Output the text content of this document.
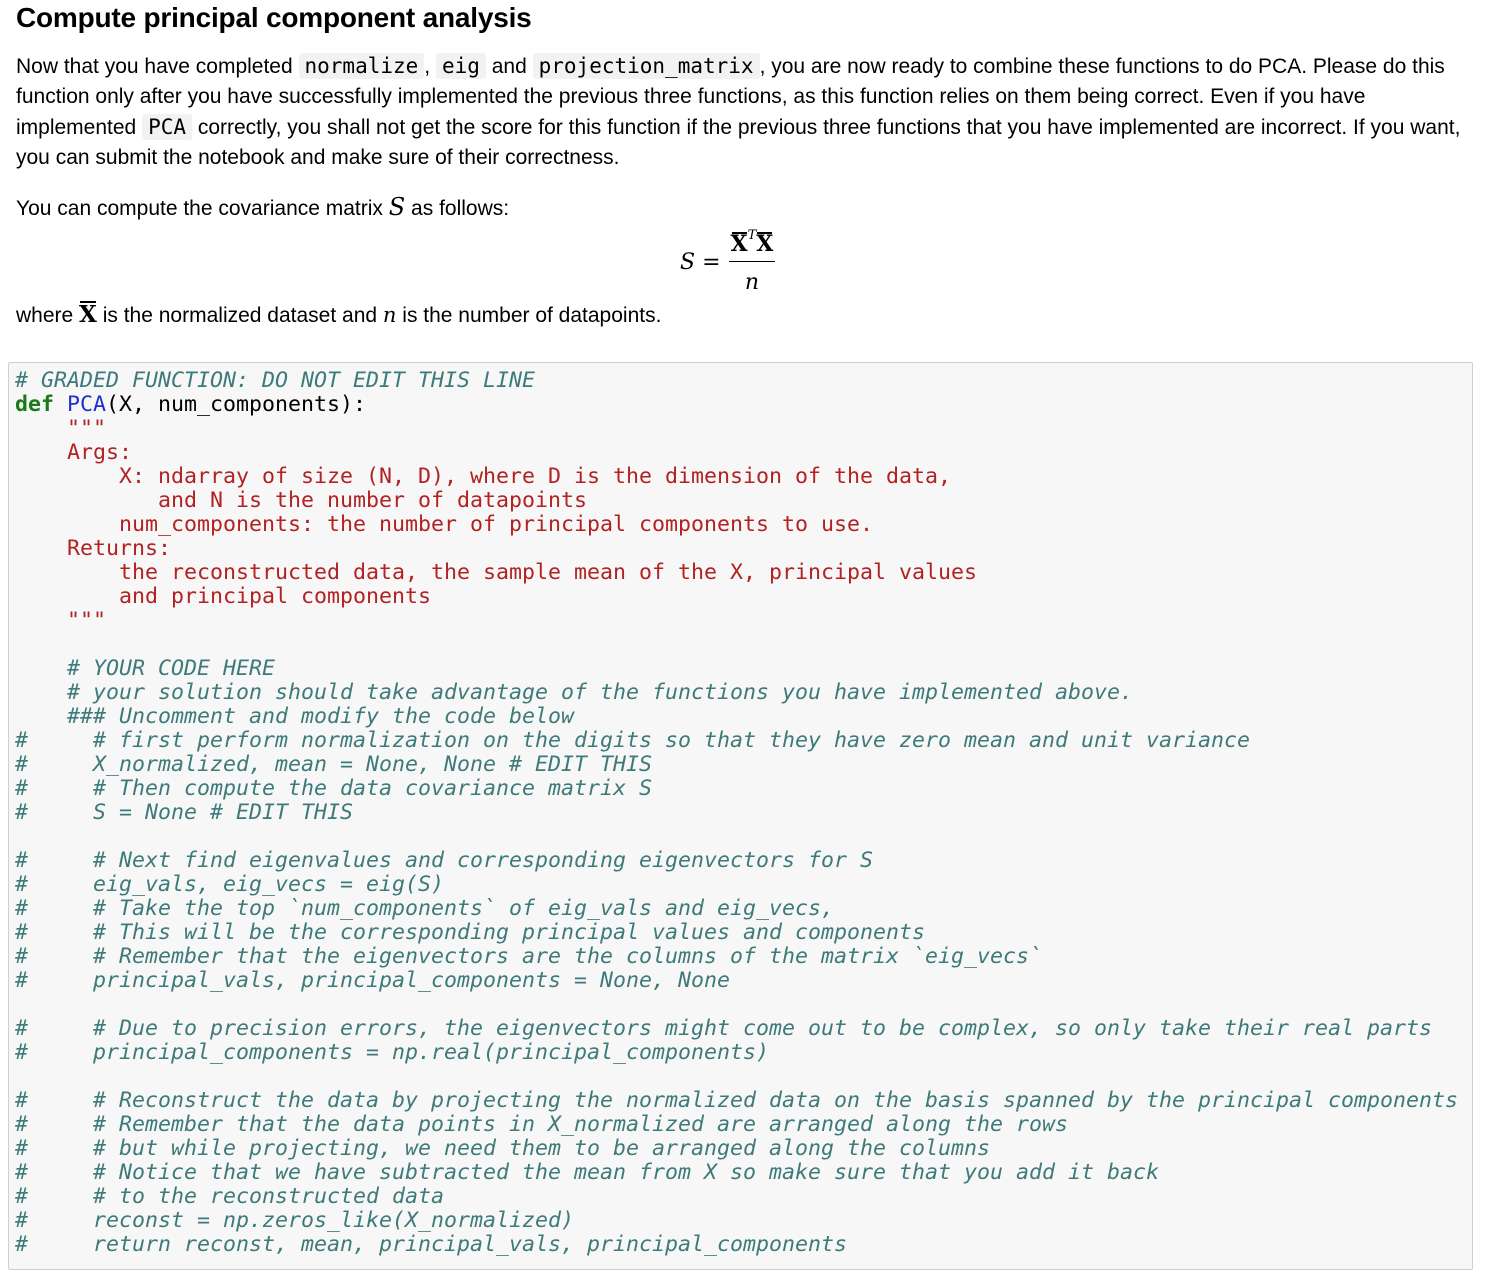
Compute principal component analysis

Now that you have completed normalize , eig and projection_matrix , you are now ready to combine these functions to do PCA. Please do this function only after you have successfully implemented the previous three functions, as this function relies on them being correct. Even if you have implemented PCA correctly, you shall not get the score for this function if the previous three functions that you have implemented are incorrect. If you want, you can submit the notebook and make sure of their correctness.

You can compute the covariance matrix S as follows:

$S = \frac{X^TX}{n}$

where X is the normalized dataset and n is the number of datapoints.

# GRADED FUNCTION: DO NOT EDIT THIS LINE
def PCA(X, num_components):
"""
Args:
X: ndarray of size (N, D), where D is the dimension of the data,
and N is the number of datapoints
num_components: the number of principal components to use.
Returns:
the reconstructed data, the sample mean of the X, principal values
and principal components
"""

# YOUR CODE HERE
# your solution should take advantage of the functions you have implemented above.
### Uncomment and modify the code below
#     # first perform normalization on the digits so that they have zero mean and unit variance
#     X_normalized, mean = None, None # EDIT THIS
#     # Then compute the data covariance matrix S
#     S = None # EDIT THIS

#     # Next find eigenvalues and corresponding eigenvectors for S
#     eig_vals, eig_vecs = eig(S)
#     # Take the top `num_components` of eig_vals and eig_vecs,
#     # This will be the corresponding principal values and components
#     # Remember that the eigenvectors are the columns of the matrix `eig_vecs`
#     principal_vals, principal_components = None, None

#     # Due to precision errors, the eigenvectors might come out to be complex, so only take their real parts
#     principal_components = np.real(principal_components)

#     # Reconstruct the data by projecting the normalized data on the basis spanned by the principal components
#     # Remember that the data points in X_normalized are arranged along the rows
#     # but while projecting, we need them to be arranged along the columns
#     # Notice that we have subtracted the mean from X so make sure that you add it back
#     # to the reconstructed data
#     reconst = np.zeros_like(X_normalized)
#     return reconst, mean, principal_vals, principal_components
